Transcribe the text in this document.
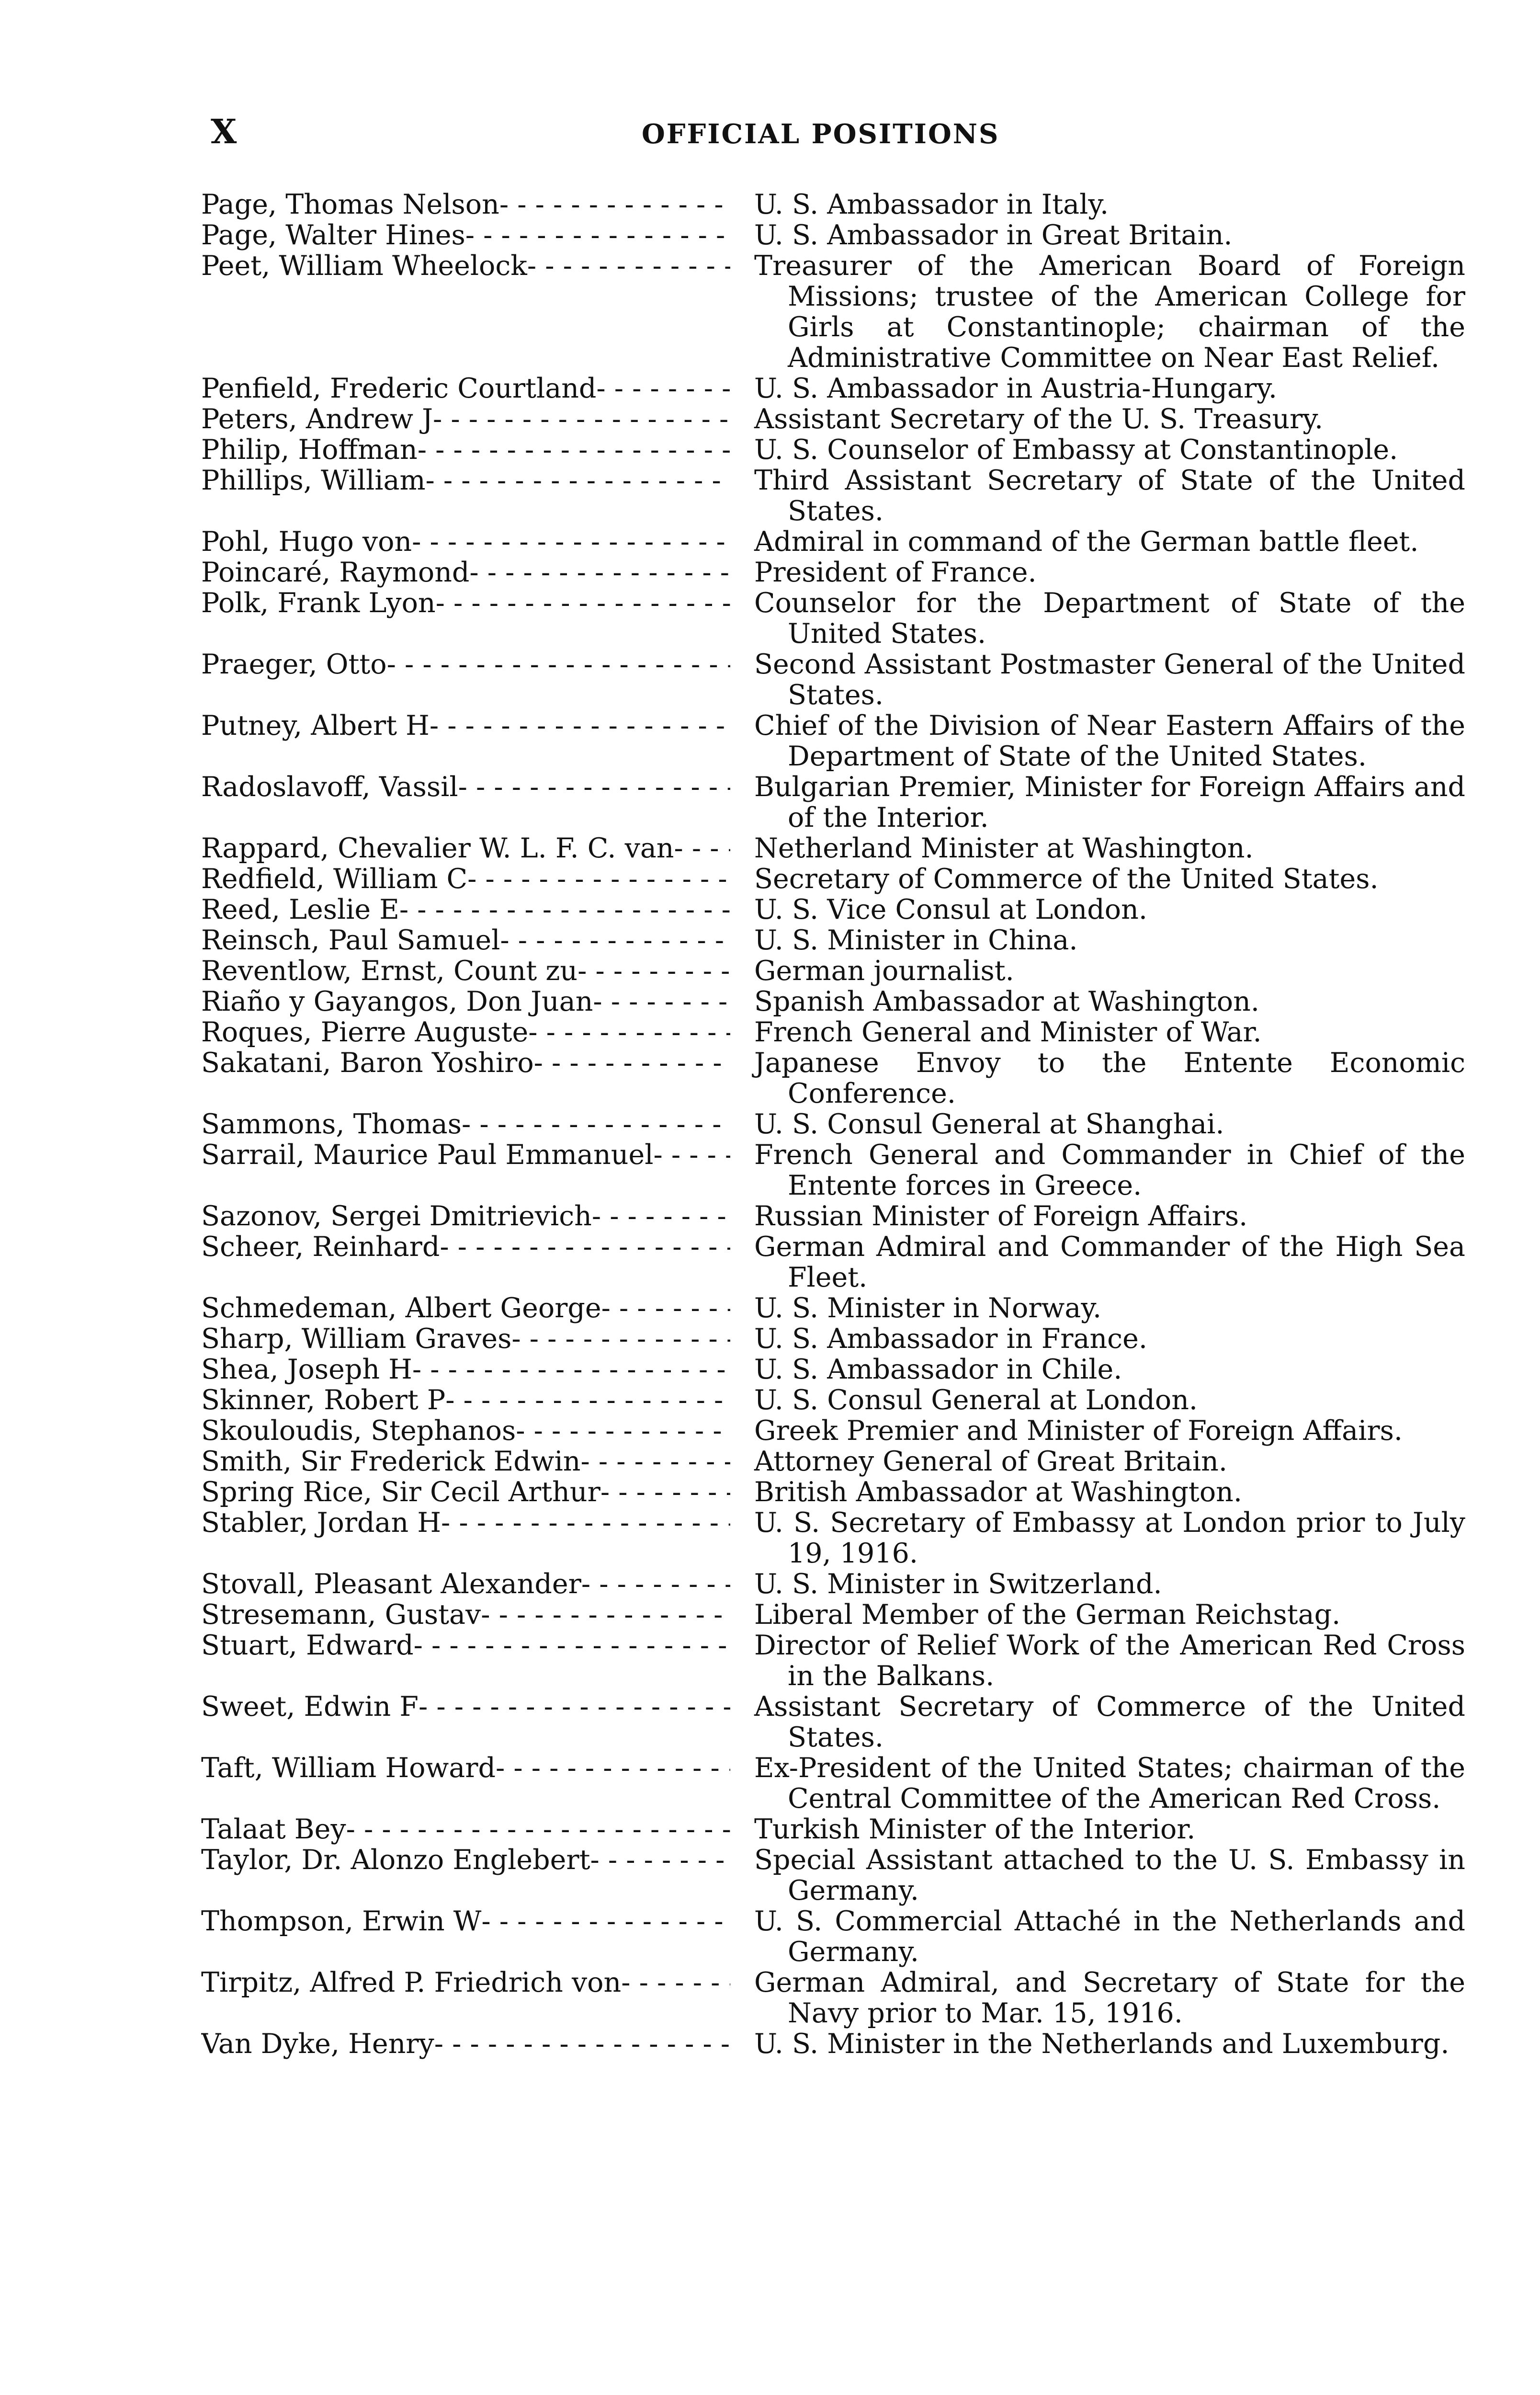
X	OFFICIAL POSITIONS
Page, Thomas Nelson - - -	U. S. Ambassador in Italy.
Page, Walter Hines - - -	U. S. Ambassador in Great Britain.
Peet, William Wheelock - - -	Treasurer of the American Board of Foreign Missions; trustee of the American College for Girls at Constantinople; chairman of the Administrative Committee on Near East Relief.
Penfield, Frederic Courtland - - -	U. S. Ambassador in Austria-Hungary.
Peters, Andrew J - - -	Assistant Secretary of the U. S. Treasury.
Philip, Hoffman - - -	U. S. Counselor of Embassy at Constantinople.
Phillips, William - - -	Third Assistant Secretary of State of the United States.
Pohl, Hugo von - - -	Admiral in command of the German battle fleet.
Poincaré, Raymond - - -	President of France.
Polk, Frank Lyon - - -	Counselor for the Department of State of the United States.
Praeger, Otto - - -	Second Assistant Postmaster General of the United States.
Putney, Albert H - - -	Chief of the Division of Near Eastern Affairs of the Department of State of the United States.
Radoslavoff, Vassil - - -	Bulgarian Premier, Minister for Foreign Affairs and of the Interior.
Rappard, Chevalier W. L. F. C. van - - -	Netherland Minister at Washington.
Redfield, William C - - -	Secretary of Commerce of the United States.
Reed, Leslie E - - -	U. S. Vice Consul at London.
Reinsch, Paul Samuel - - -	U. S. Minister in China.
Reventlow, Ernst, Count zu - - -	German journalist.
Riaño y Gayangos, Don Juan - - -	Spanish Ambassador at Washington.
Roques, Pierre Auguste - - -	French General and Minister of War.
Sakatani, Baron Yoshiro - - -	Japanese Envoy to the Entente Economic Conference.
Sammons, Thomas - - -	U. S. Consul General at Shanghai.
Sarrail, Maurice Paul Emmanuel - - -	French General and Commander in Chief of the Entente forces in Greece.
Sazonov, Sergei Dmitrievich - - -	Russian Minister of Foreign Affairs.
Scheer, Reinhard - - -	German Admiral and Commander of the High Sea Fleet.
Schmedeman, Albert George - - -	U. S. Minister in Norway.
Sharp, William Graves - - -	U. S. Ambassador in France.
Shea, Joseph H - - -	U. S. Ambassador in Chile.
Skinner, Robert P - - -	U. S. Consul General at London.
Skouloudis, Stephanos - - -	Greek Premier and Minister of Foreign Affairs.
Smith, Sir Frederick Edwin - - -	Attorney General of Great Britain.
Spring Rice, Sir Cecil Arthur - - -	British Ambassador at Washington.
Stabler, Jordan H - - -	U. S. Secretary of Embassy at London prior to July 19, 1916.
Stovall, Pleasant Alexander - - -	U. S. Minister in Switzerland.
Stresemann, Gustav - - -	Liberal Member of the German Reichstag.
Stuart, Edward - - -	Director of Relief Work of the American Red Cross in the Balkans.
Sweet, Edwin F - - -	Assistant Secretary of Commerce of the United States.
Taft, William Howard - - -	Ex-President of the United States; chairman of the Central Committee of the American Red Cross.
Talaat Bey - - -	Turkish Minister of the Interior.
Taylor, Dr. Alonzo Englebert - - -	Special Assistant attached to the U. S. Embassy in Germany.
Thompson, Erwin W - - -	U. S. Commercial Attaché in the Netherlands and Germany.
Tirpitz, Alfred P. Friedrich von - - -	German Admiral, and Secretary of State for the Navy prior to Mar. 15, 1916.
Van Dyke, Henry - - -	U. S. Minister in the Netherlands and Luxemburg.
